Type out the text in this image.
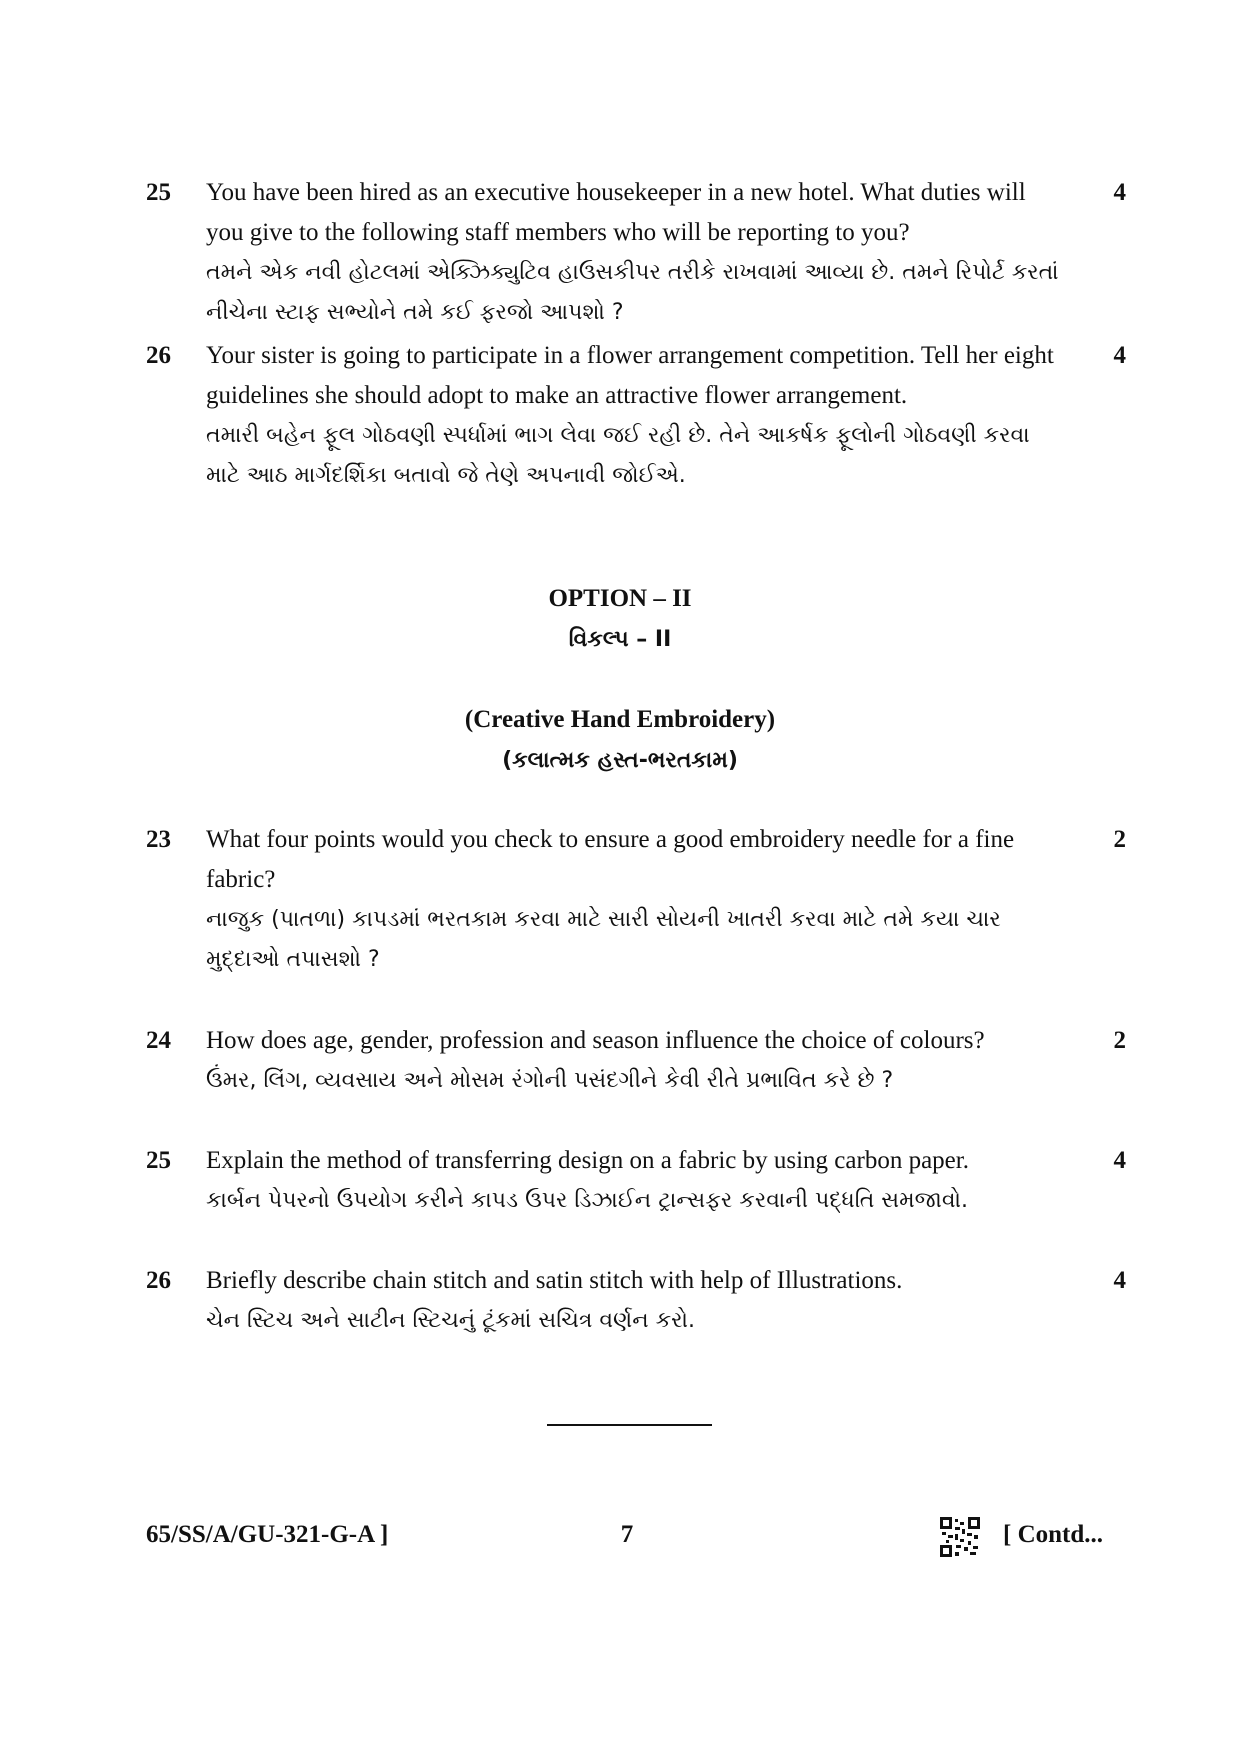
25	You have been hired as an executive housekeeper in a new hotel. What duties will you give to the following staff members who will be reporting to you?
તમને એક નવી હોટલમાં એક્ઝિક્યુટિવ હાઉસકીપર તરીકે રાખવામાં આવ્યા છે. તમને રિપોર્ટ કરતાં નીચેના સ્ટાફ સભ્યોને તમે કઈ ફરજો આપશો ?
4
26	Your sister is going to participate in a flower arrangement competition. Tell her eight guidelines she should adopt to make an attractive flower arrangement.
તમારી બહેન ફૂલ ગોઠવણી સ્પર્ધામાં ભાગ લેવા જઈ રહી છે. તેને આકર્ષક ફૂલોની ગોઠવણી કરવા માટે આઠ માર્ગદર્શિકા બતાવો જે તેણે અપનાવી જોઈએ.
4
OPTION – II
વિકલ્પ – II
(Creative Hand Embroidery)
(કલાત્મક હસ્ત-ભરતકામ)
23	What four points would you check to ensure a good embroidery needle for a fine fabric?
નાજુક (પાતળા) કાપડમાં ભરતકામ કરવા માટે સારી સોયની ખાતરી કરવા માટે તમે કયા ચાર મુદ્દાઓ તપાસશો ?
2
24	How does age, gender, profession and season influence the choice of colours?
ઉંમર, લિંગ, વ્યવસાય અને મોસમ રંગોની પસંદગીને કેવી રીતે પ્રભાવિત કરે છે ?
2
25	Explain the method of transferring design on a fabric by using carbon paper.
કાર્બન પેપરનો ઉપયોગ કરીને કાપડ ઉપર ડિઝાઈન ટ્રાન્સફર કરવાની પદ્ધતિ સમજાવો.
4
26	Briefly describe chain stitch and satin stitch with help of Illustrations.
ચેન સ્ટિચ અને સાટીન સ્ટિચનું ટૂંકમાં સચિત્ર વર્ણન કરો.
4
65/SS/A/GU-321-G-A ]	7	[ Contd...
